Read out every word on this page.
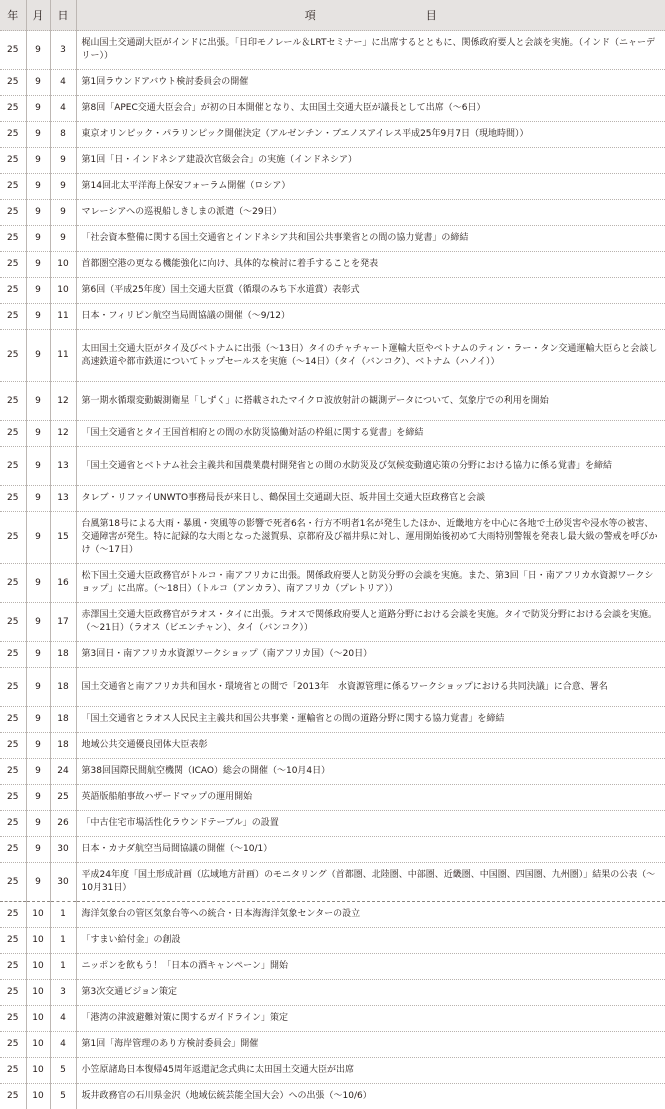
年	月	日	項　　　　　　　　　　目
25	9	3	梶山国土交通副大臣がインドに出張。「日印モノレール＆LRTセミナー」に出席するとともに、関係政府要人と会談を実施。（インド（ニャーデリー））
25	9	4	第1回ラウンドアバウト検討委員会の開催
25	9	4	第8回「APEC交通大臣会合」が初の日本開催となり、太田国土交通大臣が議長として出席（〜6日）
25	9	8	東京オリンピック・パラリンピック開催決定（アルゼンチン・ブエノスアイレス平成25年9月7日（現地時間））
25	9	9	第1回「日・インドネシア建設次官級会合」の実施（インドネシア）
25	9	9	第14回北太平洋海上保安フォーラム開催（ロシア）
25	9	9	マレーシアへの巡視船しきしまの派遣（〜29日）
25	9	9	「社会資本整備に関する国土交通省とインドネシア共和国公共事業省との間の協力覚書」の締結
25	9	10	首都圏空港の更なる機能強化に向け、具体的な検討に着手することを発表
25	9	10	第6回（平成25年度）国土交通大臣賞（循環のみち下水道賞）表彰式
25	9	11	日本・フィリピン航空当局間協議の開催（〜9/12）
25	9	11	太田国土交通大臣がタイ及びベトナムに出張（〜13日）タイのチャチャート運輸大臣やベトナムのティン・ラー・タン交通運輸大臣らと会談し高速鉄道や都市鉄道についてトップセールスを実施（〜14日）（タイ（バンコク）、ベトナム（ハノイ））
25	9	12	第一期水循環変動観測衛星「しずく」に搭載されたマイクロ波放射計の観測データについて、気象庁での利用を開始
25	9	12	「国土交通省とタイ王国首相府との間の水防災協働対話の枠組に関する覚書」を締結
25	9	13	「国土交通省とベトナム社会主義共和国農業農村開発省との間の水防災及び気候変動適応策の分野における協力に係る覚書」を締結
25	9	13	タレブ・リファイUNWTO事務局長が来日し、鶴保国土交通副大臣、坂井国土交通大臣政務官と会談
25	9	15	台風第18号による大雨・暴風・突風等の影響で死者6名・行方不明者1名が発生したほか、近畿地方を中心に各地で土砂災害や浸水等の被害、交通障害が発生。特に記録的な大雨となった滋賀県、京都府及び福井県に対し、運用開始後初めて大雨特別警報を発表し最大級の警戒を呼びかけ（〜17日）
25	9	16	松下国土交通大臣政務官がトルコ・南アフリカに出張。関係政府要人と防災分野の会談を実施。また、第3回「日・南アフリカ水資源ワークショップ」に出席。（〜18日）（トルコ（アンカラ）、南アフリカ（プレトリア））
25	9	17	赤澤国土交通大臣政務官がラオス・タイに出張。ラオスで関係政府要人と道路分野における会談を実施。タイで防災分野における会談を実施。（〜21日）（ラオス（ビエンチャン）、タイ（バンコク））
25	9	18	第3回日・南アフリカ水資源ワークショップ（南アフリカ国）（〜20日）
25	9	18	国土交通省と南アフリカ共和国水・環境省との間で「2013年　水資源管理に係るワークショップにおける共同決議」に合意、署名
25	9	18	「国土交通省とラオス人民民主主義共和国公共事業・運輸省との間の道路分野に関する協力覚書」を締結
25	9	18	地域公共交通優良団体大臣表彰
25	9	24	第38回国際民間航空機関（ICAO）総会の開催（〜10月4日）
25	9	25	英語版船舶事故ハザードマップの運用開始
25	9	26	「中古住宅市場活性化ラウンドテーブル」の設置
25	9	30	日本・カナダ航空当局間協議の開催（〜10/1）
25	9	30	平成24年度「国土形成計画（広域地方計画）のモニタリング（首都圏、北陸圏、中部圏、近畿圏、中国圏、四国圏、九州圏）」結果の公表（〜10月31日）
25	10	1	海洋気象台の管区気象台等への統合・日本海海洋気象センターの設立
25	10	1	「すまい給付金」の創設
25	10	1	ニッポンを飲もう！「日本の酒キャンペーン」開始
25	10	3	第3次交通ビジョン策定
25	10	4	「港湾の津波避難対策に関するガイドライン」策定
25	10	4	第1回「海岸管理のあり方検討委員会」開催
25	10	5	小笠原諸島日本復帰45周年返還記念式典に太田国土交通大臣が出席
25	10	5	坂井政務官の石川県金沢（地域伝統芸能全国大会）への出張（〜10/6）
